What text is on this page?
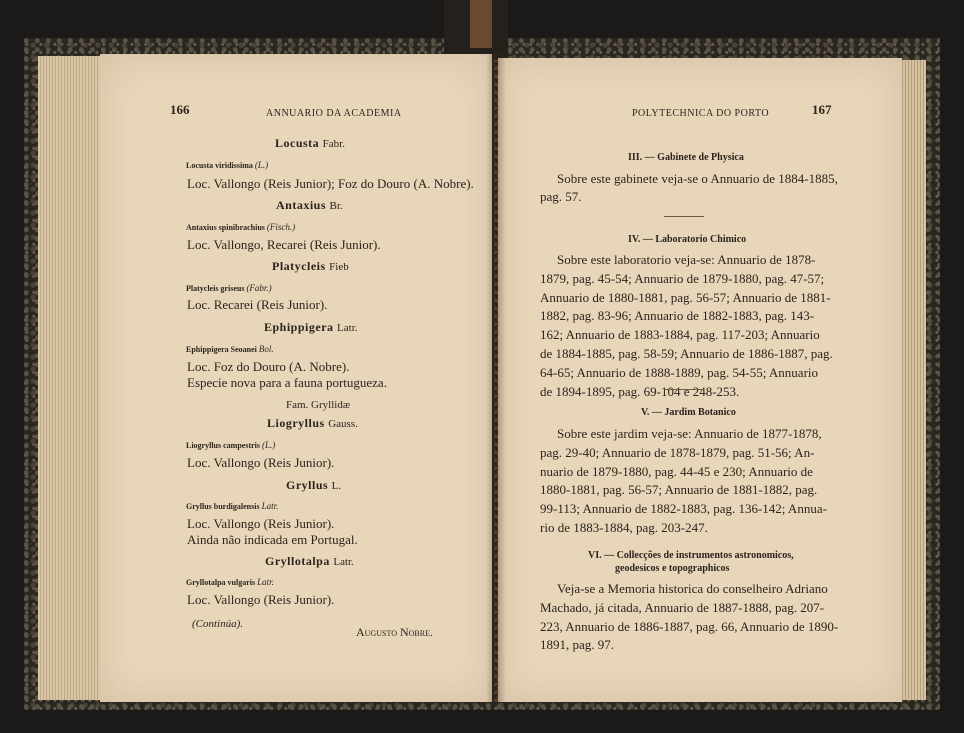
166	ANNUARIO DA ACADEMIA
Locusta Fabr.
Locusta viridissima (L.)
Loc. Vallongo (Reis Junior); Foz do Douro (A. Nobre).
Antaxius Br.
Antaxius spinibrachius (Fisch.)
Loc. Vallongo, Recarei (Reis Junior).
Platycleis Fieb
Platycleis griseus (Fabr.)
Loc. Recarei (Reis Junior).
Ephippigera Latr.
Ephippigera Seoanei Bol.
Loc. Foz do Douro (A. Nobre).
Especie nova para a fauna portugueza.
Fam. Gryllidæ
Liogryllus Gauss.
Liogryllus campestris (L.)
Loc. Vallongo (Reis Junior).
Gryllus L.
Gryllus burdigalensis Latr.
Loc. Vallongo (Reis Junior).
Ainda não indicada em Portugal.
Gryllotalpa Latr.
Gryllotalpa vulgaris Latr.
Loc. Vallongo (Reis Junior).
(Continúa).
Augusto Nobre.
POLYTECHNICA DO PORTO	167
III. — Gabinete de Physica
Sobre este gabinete veja-se o Annuario de 1884-1885,
pag. 57.
IV. — Laboratorio Chimico
Sobre este laboratorio veja-se: Annuario de 1878-
1879, pag. 45-54; Annuario de 1879-1880, pag. 47-57;
Annuario de 1880-1881, pag. 56-57; Annuario de 1881-
1882, pag. 83-96; Annuario de 1882-1883, pag. 143-
162; Annuario de 1883-1884, pag. 117-203; Annuario
de 1884-1885, pag. 58-59; Annuario de 1886-1887, pag.
64-65; Annuario de 1888-1889, pag. 54-55; Annuario
de 1894-1895, pag. 69-104 e 248-253.
V. — Jardim Botanico
Sobre este jardim veja-se: Annuario de 1877-1878,
pag. 29-40; Annuario de 1878-1879, pag. 51-56; An-
nuario de 1879-1880, pag. 44-45 e 230; Annuario de
1880-1881, pag. 56-57; Annuario de 1881-1882, pag.
99-113; Annuario de 1882-1883, pag. 136-142; Annua-
rio de 1883-1884, pag. 203-247.
VI. — Collecções de instrumentos astronomicos,
geodesicos e topographicos
Veja-se a Memoria historica do conselheiro Adriano
Machado, já citada, Annuario de 1887-1888, pag. 207-
223, Annuario de 1886-1887, pag. 66, Annuario de 1890-
1891, pag. 97.
